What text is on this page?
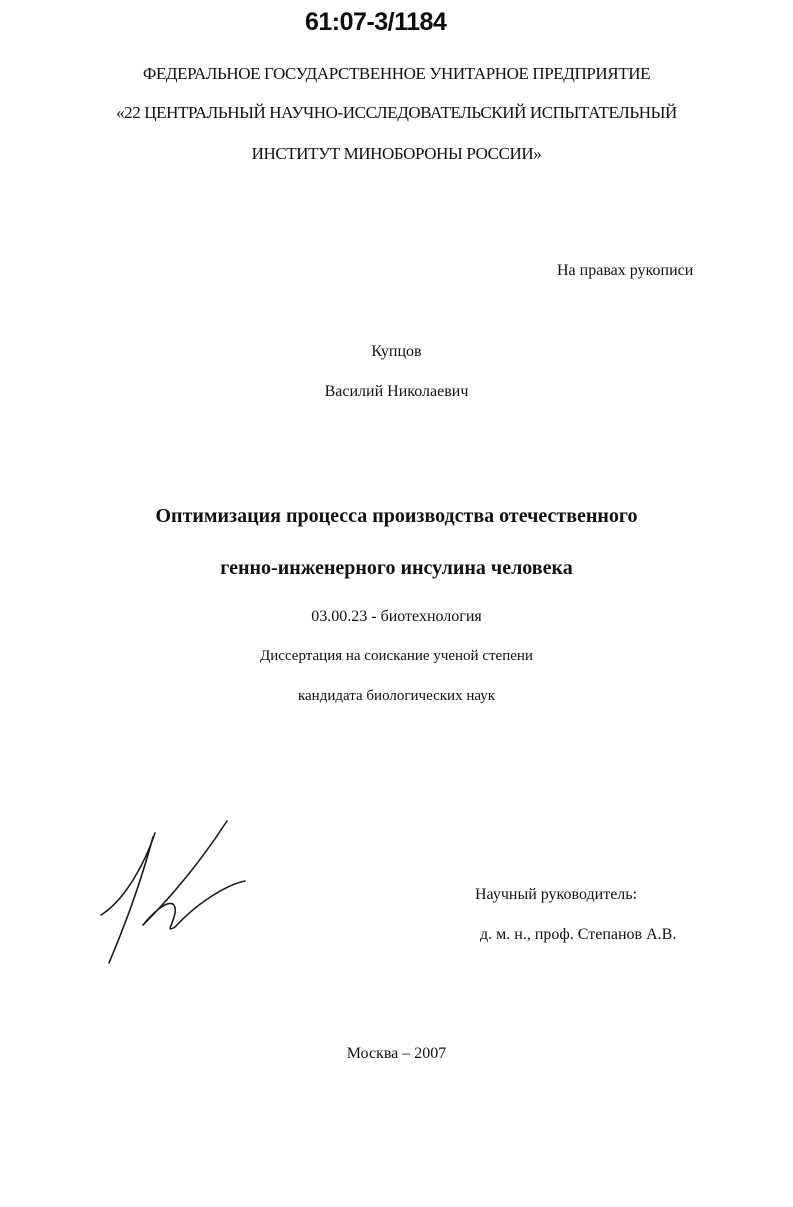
61:07-3/1184
ФЕДЕРАЛЬНОЕ ГОСУДАРСТВЕННОЕ УНИТАРНОЕ ПРЕДПРИЯТИЕ
«22 ЦЕНТРАЛЬНЫЙ НАУЧНО-ИССЛЕДОВАТЕЛЬСКИЙ ИСПЫТАТЕЛЬНЫЙ
ИНСТИТУТ МИНОБОРОНЫ РОССИИ»
На правах рукописи
Купцов
Василий Николаевич
Оптимизация процесса производства отечественного
генно-инженерного инсулина человека
03.00.23 - биотехнология
Диссертация на соискание ученой степени
кандидата биологических наук
Научный руководитель:
д. м. н., проф. Степанов А.В.
Москва – 2007
